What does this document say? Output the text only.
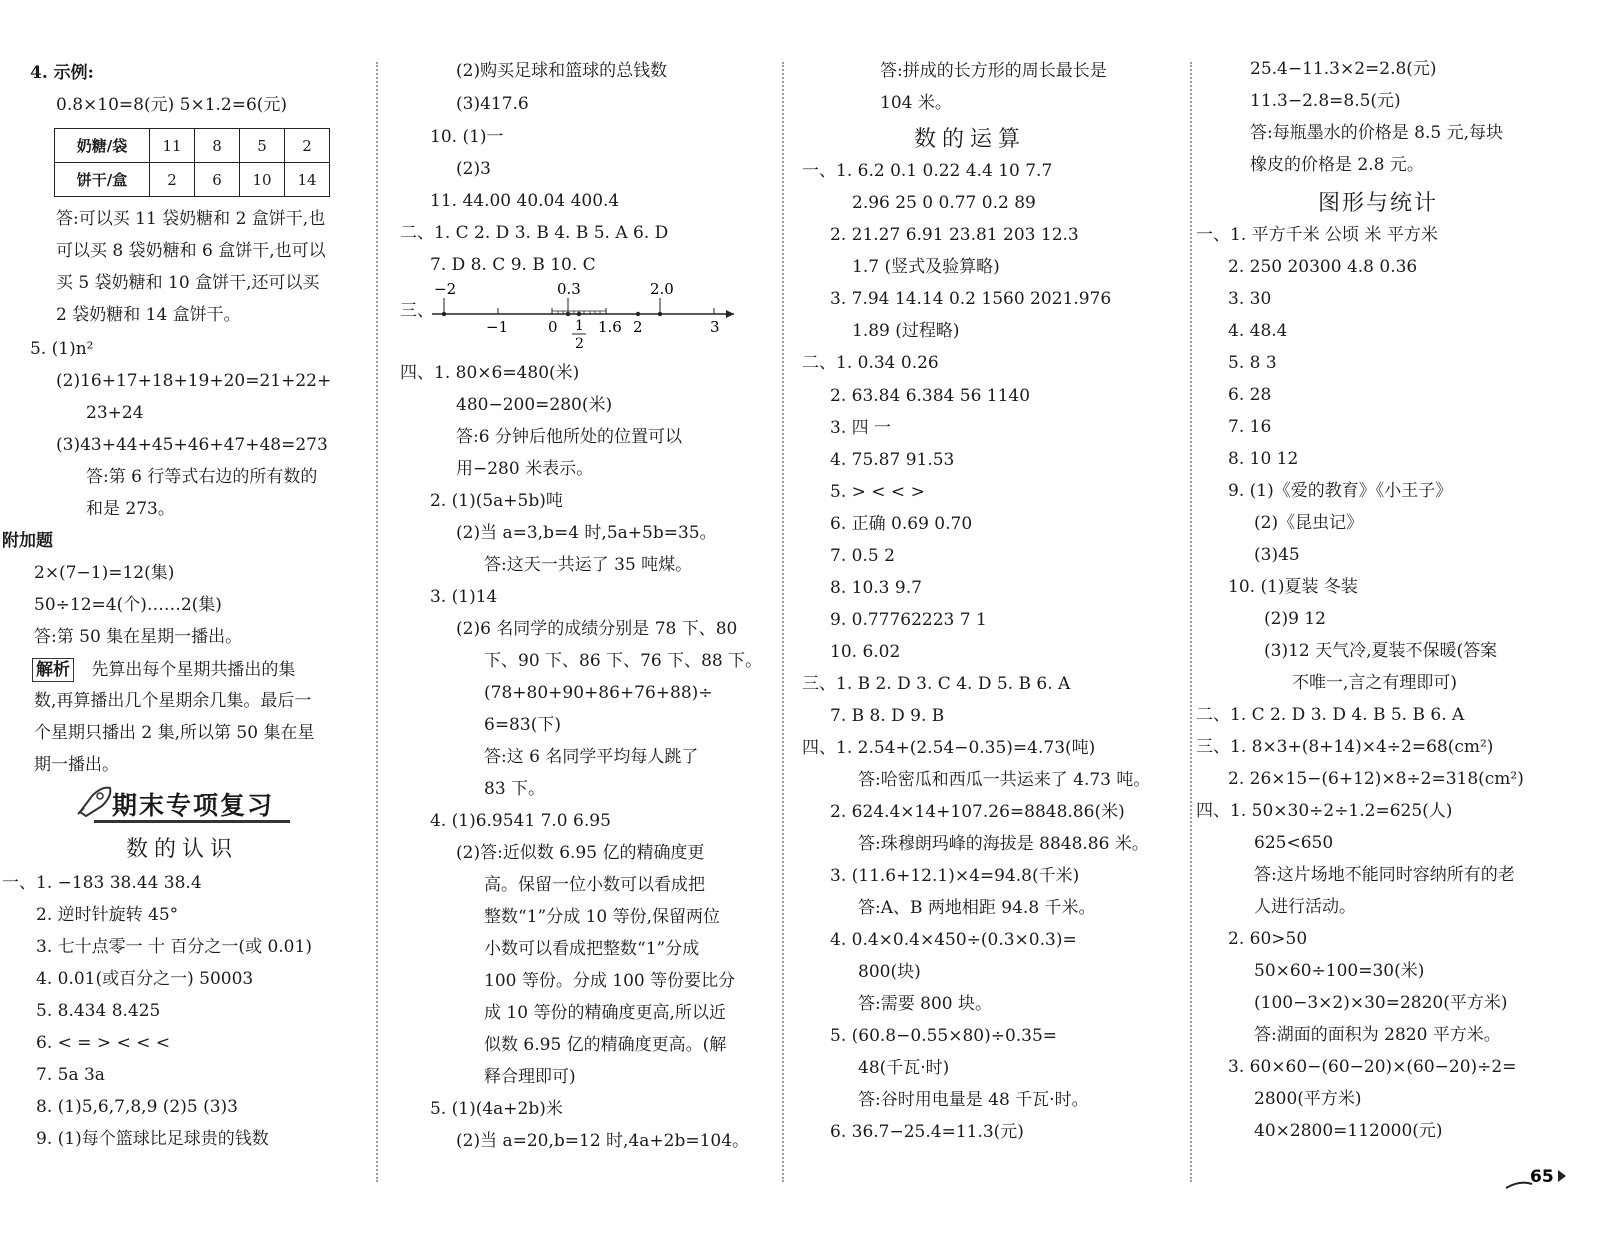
4. 示例:
0.8×10=8(元) 5×1.2=6(元)
奶糖/袋	11	8	5	2
饼干/盒	2	6	10	14
答:可以买 11 袋奶糖和 2 盒饼干,也
可以买 8 袋奶糖和 6 盒饼干,也可以
买 5 袋奶糖和 10 盒饼干,还可以买
2 袋奶糖和 14 盒饼干。
5. (1)n²
(2)16+17+18+19+20=21+22+
23+24
(3)43+44+45+46+47+48=273
答:第 6 行等式右边的所有数的
和是 273。
附加题
2×(7−1)=12(集)
50÷12=4(个)……2(集)
答:第 50 集在星期一播出。
解析 先算出每个星期共播出的集
数,再算播出几个星期余几集。最后一
个星期只播出 2 集,所以第 50 集在星
期一播出。
期末专项复习
数的认识
一、1. −183 38.44 38.4
2. 逆时针旋转 45°
3. 七十点零一 十 百分之一(或 0.01)
4. 0.01(或百分之一) 50003
5. 8.434 8.425
6. < = > < < <
7. 5a 3a
8. (1)5,6,7,8,9 (2)5 (3)3
9. (1)每个篮球比足球贵的钱数
(2)购买足球和篮球的总钱数
(3)417.6
10. (1)一
(2)3
11. 44.00 40.04 400.4
二、1. C 2. D 3. B 4. B 5. A 6. D
7. D 8. C 9. B 10. C
三、
−2	0.3	2.0
−1	0 1
2
1.6 2	3
四、1. 80×6=480(米)
480−200=280(米)
答:6 分钟后他所处的位置可以
用−280 米表示。
2. (1)(5a+5b)吨
(2)当 a=3,b=4 时,5a+5b=35。
答:这天一共运了 35 吨煤。
3. (1)14
(2)6 名同学的成绩分别是 78 下、80
下、90 下、86 下、76 下、88 下。
(78+80+90+86+76+88)÷
6=83(下)
答:这 6 名同学平均每人跳了
83 下。
4. (1)6.9541 7.0 6.95
(2)答:近似数 6.95 亿的精确度更
高。保留一位小数可以看成把
整数“1”分成 10 等份,保留两位
小数可以看成把整数“1”分成
100 等份。分成 100 等份要比分
成 10 等份的精确度更高,所以近
似数 6.95 亿的精确度更高。(解
释合理即可)
5. (1)(4a+2b)米
(2)当 a=20,b=12 时,4a+2b=104。
答:拼成的长方形的周长最长是
104 米。
数的运算
一、1. 6.2 0.1 0.22 4.4 10 7.7
2.96 25 0 0.77 0.2 89
2. 21.27 6.91 23.81 203 12.3
1.7 (竖式及验算略)
3. 7.94 14.14 0.2 1560 2021.976
1.89 (过程略)
二、1. 0.34 0.26
2. 63.84 6.384 56 1140
3. 四 一
4. 75.87 91.53
5. > < < >
6. 正确 0.69 0.70
7. 0.5 2
8. 10.3 9.7
9. 0.77762223 7 1
10. 6.02
三、1. B 2. D 3. C 4. D 5. B 6. A
7. B 8. D 9. B
四、1. 2.54+(2.54−0.35)=4.73(吨)
答:哈密瓜和西瓜一共运来了 4.73 吨。
2. 624.4×14+107.26=8848.86(米)
答:珠穆朗玛峰的海拔是 8848.86 米。
3. (11.6+12.1)×4=94.8(千米)
答:A、B 两地相距 94.8 千米。
4. 0.4×0.4×450÷(0.3×0.3)=
800(块)
答:需要 800 块。
5. (60.8−0.55×80)÷0.35=
48(千瓦·时)
答:谷时用电量是 48 千瓦·时。
6. 36.7−25.4=11.3(元)
25.4−11.3×2=2.8(元)
11.3−2.8=8.5(元)
答:每瓶墨水的价格是 8.5 元,每块
橡皮的价格是 2.8 元。
图形与统计
一、1. 平方千米 公顷 米 平方米
2. 250 20300 4.8 0.36
3. 30
4. 48.4
5. 8 3
6. 28
7. 16
8. 10 12
9. (1)《爱的教育》《小王子》
(2)《昆虫记》
(3)45
10. (1)夏装 冬装
(2)9 12
(3)12 天气冷,夏装不保暖(答案
不唯一,言之有理即可)
二、1. C 2. D 3. D 4. B 5. B 6. A
三、1. 8×3+(8+14)×4÷2=68(cm²)
2. 26×15−(6+12)×8÷2=318(cm²)
四、1. 50×30÷2÷1.2=625(人)
625<650
答:这片场地不能同时容纳所有的老
人进行活动。
2. 60>50
50×60÷100=30(米)
(100−3×2)×30=2820(平方米)
答:湖面的面积为 2820 平方米。
3. 60×60−(60−20)×(60−20)÷2=
2800(平方米)
40×2800=112000(元)
65
